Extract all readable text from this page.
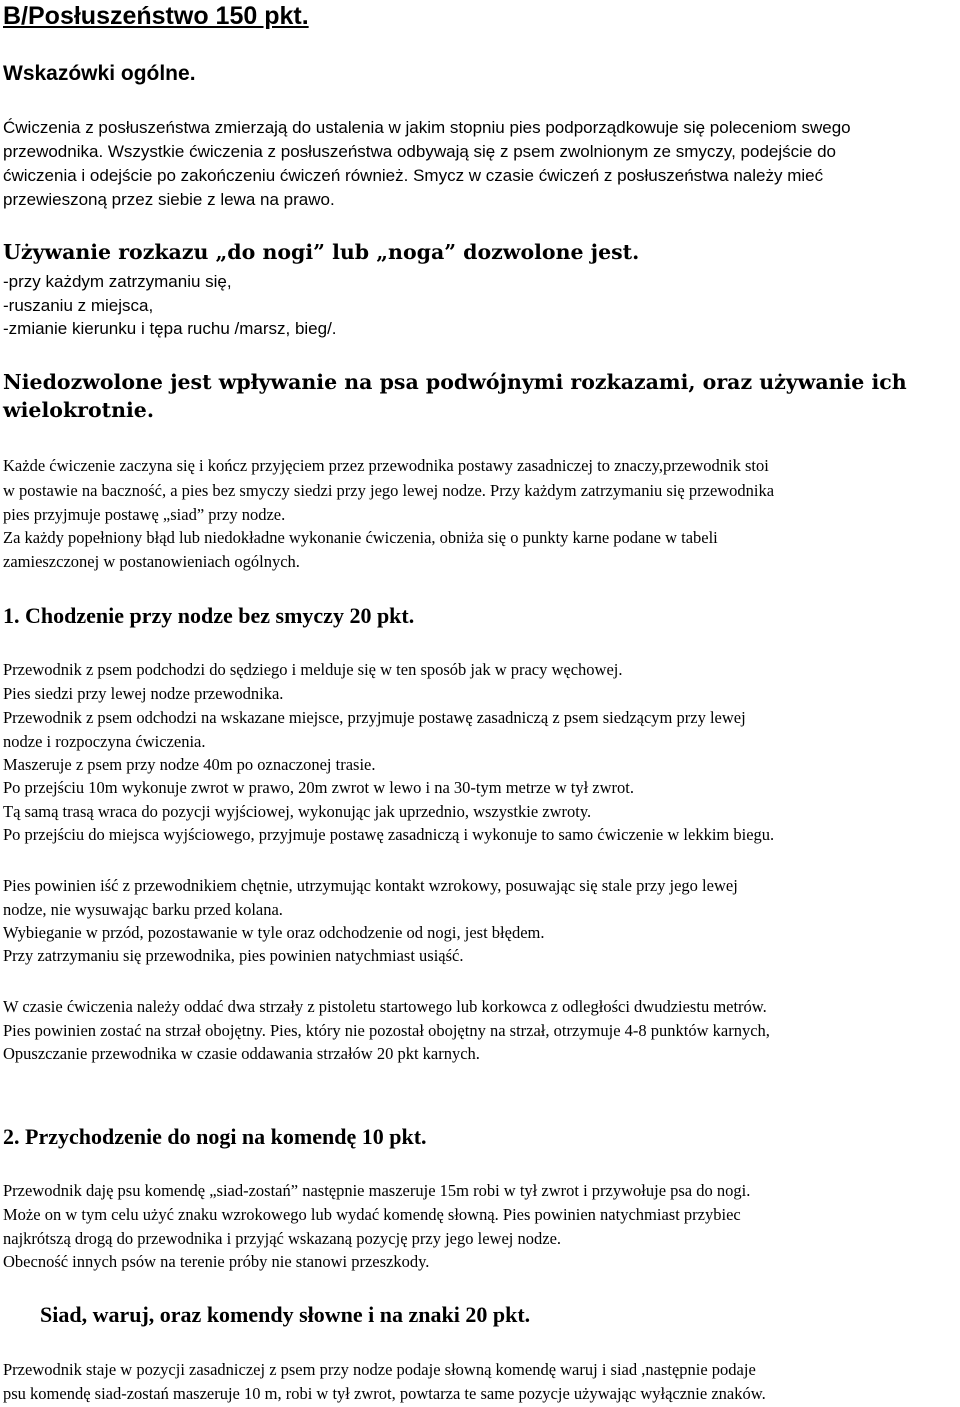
B/Posłuszeństwo 150 pkt.
Wskazówki ogólne.
Ćwiczenia z posłuszeństwa zmierzają do ustalenia w jakim stopniu pies podporządkowuje się poleceniom swego
przewodnika. Wszystkie ćwiczenia z posłuszeństwa odbywają się z psem zwolnionym ze smyczy, podejście do
ćwiczenia i odejście po zakończeniu ćwiczeń również. Smycz w czasie ćwiczeń z posłuszeństwa należy mieć
przewieszoną przez siebie z lewa na prawo.
Używanie rozkazu „do nogi” lub „noga” dozwolone jest.
-przy każdym zatrzymaniu się,
-ruszaniu z miejsca,
-zmianie kierunku i tępa ruchu /marsz, bieg/.
Niedozwolone jest wpływanie na psa podwójnymi rozkazami, oraz używanie ich
wielokrotnie.
Każde ćwiczenie zaczyna się i kończ przyjęciem przez przewodnika postawy zasadniczej to znaczy,przewodnik stoi
w postawie na baczność, a pies bez smyczy siedzi przy jego lewej nodze. Przy każdym zatrzymaniu się przewodnika
pies przyjmuje postawę „siad” przy nodze.
Za każdy popełniony błąd lub niedokładne wykonanie ćwiczenia, obniża się o punkty karne podane w tabeli
zamieszczonej w postanowieniach ogólnych.
1. Chodzenie przy nodze bez smyczy 20 pkt.
Przewodnik z psem podchodzi do sędziego i melduje się w ten sposób jak w pracy węchowej.
Pies siedzi przy lewej nodze przewodnika.
Przewodnik z psem odchodzi na wskazane miejsce, przyjmuje postawę zasadniczą z psem siedzącym przy lewej
nodze i rozpoczyna ćwiczenia.
Maszeruje z psem przy nodze 40m po oznaczonej trasie.
Po przejściu 10m wykonuje zwrot w prawo, 20m zwrot w lewo i na 30-tym metrze w tył zwrot.
Tą samą trasą wraca do pozycji wyjściowej, wykonując jak uprzednio, wszystkie zwroty.
Po przejściu do miejsca wyjściowego, przyjmuje postawę zasadniczą i wykonuje to samo ćwiczenie w lekkim biegu.
Pies powinien iść z przewodnikiem chętnie, utrzymując kontakt wzrokowy, posuwając się stale przy jego lewej
nodze, nie wysuwając barku przed kolana.
Wybieganie w przód, pozostawanie w tyle oraz odchodzenie od nogi, jest błędem.
Przy zatrzymaniu się przewodnika, pies powinien natychmiast usiąść.
W czasie ćwiczenia należy oddać dwa strzały z pistoletu startowego lub korkowca z odległości dwudziestu metrów.
Pies powinien zostać na strzał obojętny. Pies, który nie pozostał obojętny na strzał, otrzymuje 4-8 punktów karnych,
Opuszczanie przewodnika w czasie oddawania strzałów 20 pkt karnych.
2. Przychodzenie do nogi na komendę 10 pkt.
Przewodnik daję psu komendę „siad-zostań” następnie maszeruje 15m robi w tył zwrot i przywołuje psa do nogi.
Może on w tym celu użyć znaku wzrokowego lub wydać komendę słowną. Pies powinien natychmiast przybiec
najkrótszą drogą do przewodnika i przyjąć wskazaną pozycję przy jego lewej nodze.
Obecność innych psów na terenie próby nie stanowi przeszkody.
Siad, waruj, oraz komendy słowne i na znaki 20 pkt.
Przewodnik staje w pozycji zasadniczej z psem przy nodze podaje słowną komendę waruj i siad ,następnie podaje
psu komendę siad-zostań maszeruje 10 m, robi w tył zwrot, powtarza te same pozycje używając wyłącznie znaków.
